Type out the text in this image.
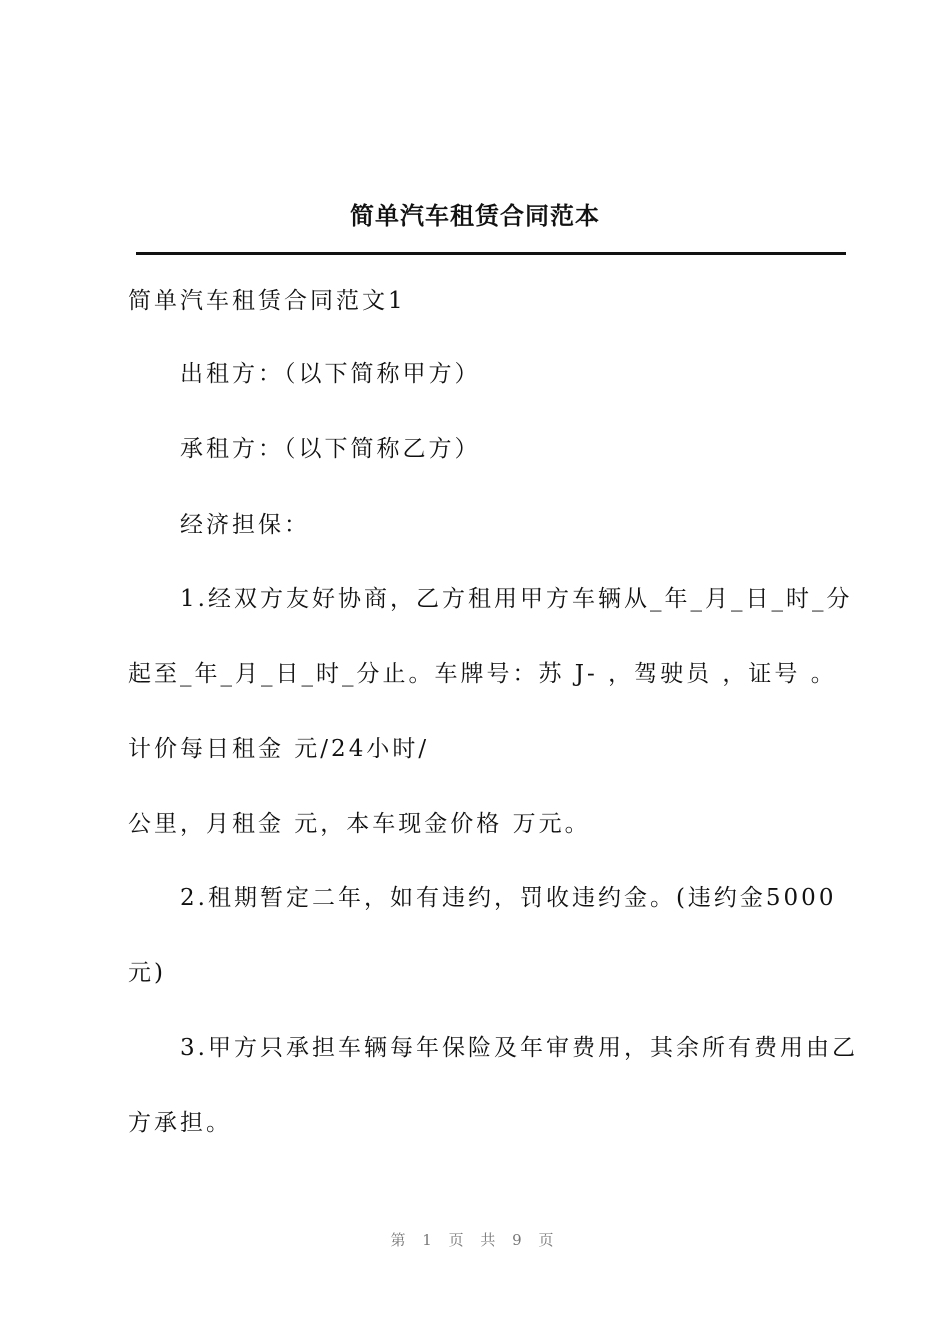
简单汽车租赁合同范本
简单汽车租赁合同范文1
出租方：（以下简称甲方）
承租方：（以下简称乙方）
经济担保：
1.经双方友好协商，乙方租用甲方车辆从_年_月_日_时_分
起至_年_月_日_时_分止。车牌号：苏 J- ，驾驶员 ，证号 。
计价每日租金 元/24小时/
公里，月租金 元，本车现金价格 万元。
2.租期暂定二年，如有违约，罚收违约金。(违约金5000
元)
3.甲方只承担车辆每年保险及年审费用，其余所有费用由乙
方承担。
第 1 页 共 9 页
